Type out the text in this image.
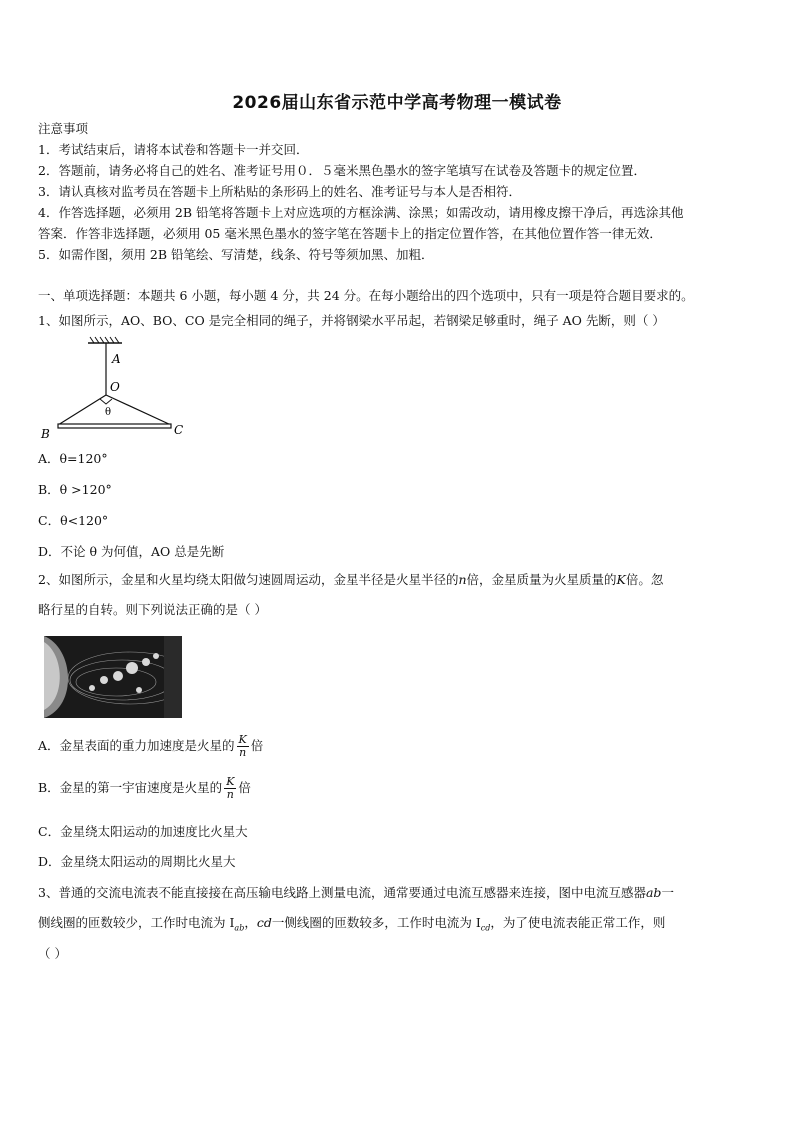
2026届山东省示范中学高考物理一模试卷
注意事项
1．考试结束后，请将本试卷和答题卡一并交回．
2．答题前，请务必将自己的姓名、准考证号用０．５毫米黑色墨水的签字笔填写在试卷及答题卡的规定位置．
3．请认真核对监考员在答题卡上所粘贴的条形码上的姓名、准考证号与本人是否相符．
4．作答选择题，必须用 2B 铅笔将答题卡上对应选项的方框涂满、涂黑；如需改动，请用橡皮擦干净后，再选涂其他
答案．作答非选择题，必须用 05 毫米黑色墨水的签字笔在答题卡上的指定位置作答，在其他位置作答一律无效．
5．如需作图，须用 2B 铅笔绘、写清楚，线条、符号等须加黑、加粗．
一、单项选择题：本题共 6 小题，每小题 4 分，共 24 分。在每小题给出的四个选项中，只有一项是符合题目要求的。
1、如图所示，AO、BO、CO 是完全相同的绳子，并将钢梁水平吊起，若钢梁足够重时，绳子 AO 先断，则（ ）
A
O
θ
B	C
A．θ=120°
B．θ >120°
C．θ<120°
D．不论 θ 为何值，AO 总是先断
2、如图所示，金星和火星均绕太阳做匀速圆周运动，金星半径是火星半径的n倍，金星质量为火星质量的K倍。忽
略行星的自转。则下列说法正确的是（ ）
A．金星表面的重力加速度是火星的 $\frac{K}{n}$ 倍
B．金星的第一宇宙速度是火星的 $\frac{K}{n}$ 倍
C．金星绕太阳运动的加速度比火星大
D．金星绕太阳运动的周期比火星大
3、普通的交流电流表不能直接接在高压输电线路上测量电流，通常要通过电流互感器来连接，图中电流互感器ab一
侧线圈的匝数较少，工作时电流为 $I_{ab}$，cd一侧线圈的匝数较多，工作时电流为 $I_{cd}$，为了使电流表能正常工作，则
（ ）
